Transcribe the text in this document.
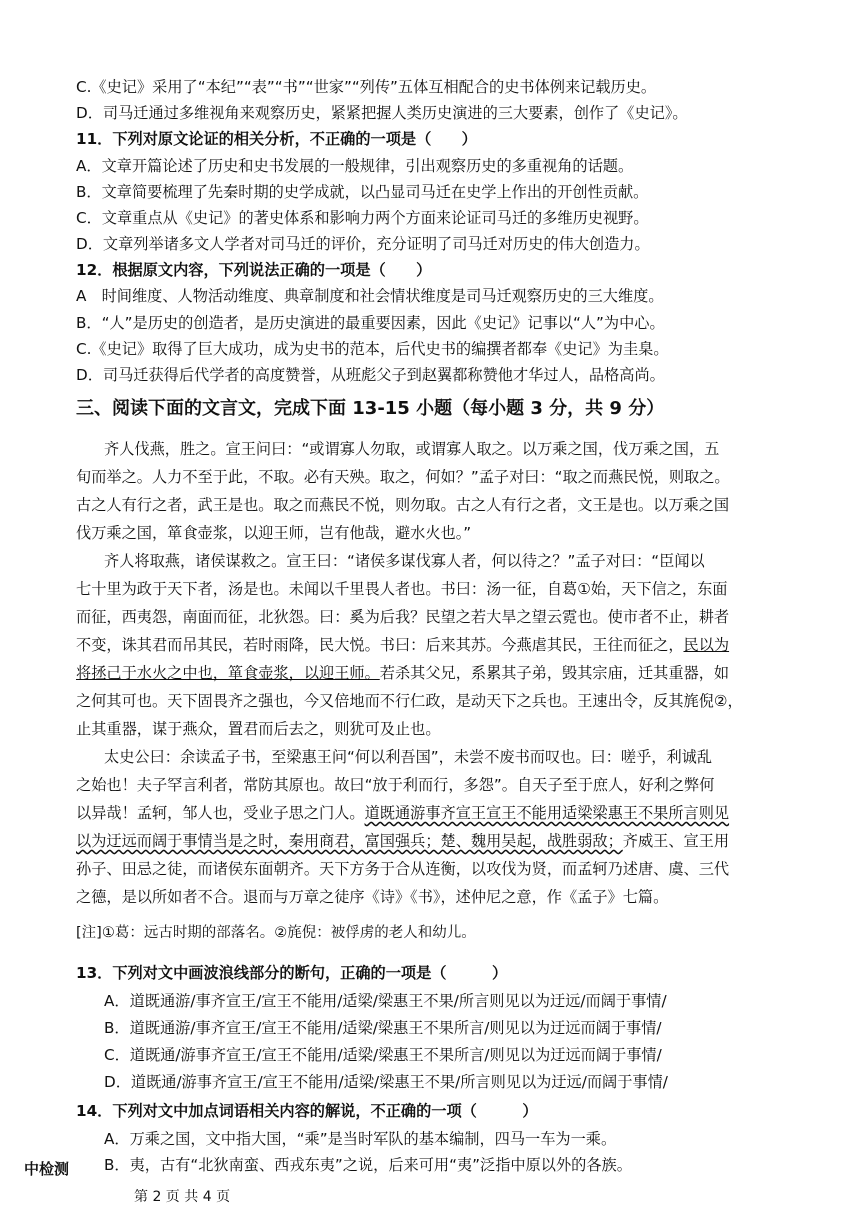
C.《史记》采用了“本纪”“表”“书”“世家”“列传”五体互相配合的史书体例来记载历史。
D．司马迁通过多维视角来观察历史，紧紧把握人类历史演进的三大要素，创作了《史记》。
11．下列对原文论证的相关分析，不正确的一项是（　　）
A．文章开篇论述了历史和史书发展的一般规律，引出观察历史的多重视角的话题。
B．文章简要梳理了先秦时期的史学成就，以凸显司马迁在史学上作出的开创性贡献。
C．文章重点从《史记》的著史体系和影响力两个方面来论证司马迁的多维历史视野。
D．文章列举诸多文人学者对司马迁的评价，充分证明了司马迁对历史的伟大创造力。
12．根据原文内容，下列说法正确的一项是（　　）
A　时间维度、人物活动维度、典章制度和社会情状维度是司马迁观察历史的三大维度。
B．“人”是历史的创造者，是历史演进的最重要因素，因此《史记》记事以“人”为中心。
C.《史记》取得了巨大成功，成为史书的范本，后代史书的编撰者都奉《史记》为圭臬。
D．司马迁获得后代学者的高度赞誉，从班彪父子到赵翼都称赞他才华过人，品格高尚。
三、阅读下面的文言文，完成下面 13-15 小题（每小题 3 分，共 9 分）
齐人伐燕，胜之。宣王问曰：“或谓寡人勿取，或谓寡人取之。以万乘之国，伐万乘之国，五
旬而举之。人力不至于此，不取。必有天殃。取之，何如？”孟子对曰：“取之而燕民悦，则取之。
古之人有行之者，武王是也。取之而燕民不悦，则勿取。古之人有行之者，文王是也。以万乘之国
伐万乘之国，箪食壶浆，以迎王师，岂有他哉，避水火也。”
齐人将取燕，诸侯谋救之。宣王曰：“诸侯多谋伐寡人者，何以待之？”孟子对曰：“臣闻以
七十里为政于天下者，汤是也。未闻以千里畏人者也。书曰：汤一征，自葛①始，天下信之，东面
而征，西夷怨，南面而征，北狄怨。曰：奚为后我？民望之若大旱之望云霓也。使市者不止，耕者
不变，诛其君而吊其民，若时雨降，民大悦。书曰：后来其苏。今燕虐其民，王往而征之，民以为
将拯己于水火之中也，箪食壶浆，以迎王师。若杀其父兄，系累其子弟，毁其宗庙，迁其重器，如
之何其可也。天下固畏齐之强也，今又倍地而不行仁政，是动天下之兵也。王速出令，反其旄倪②，
止其重器，谋于燕众，置君而后去之，则犹可及止也。
太史公曰：余读孟子书，至梁惠王问“何以利吾国”，未尝不废书而叹也。曰：嗟乎，利诚乱
之始也！夫子罕言利者，常防其原也。故曰“放于利而行，多怨”。自天子至于庶人，好利之弊何
以异哉！孟轲，邹人也，受业子思之门人。道既通游事齐宣王宣王不能用适梁梁惠王不果所言则见
以为迂远而阔于事情当是之时，秦用商君，富国强兵；楚、魏用吴起，战胜弱敌；齐威王、宣王用
孙子、田忌之徒，而诸侯东面朝齐。天下方务于合从连衡，以攻伐为贤，而孟轲乃述唐、虞、三代
之德，是以所如者不合。退而与万章之徒序《诗》《书》，述仲尼之意，作《孟子》七篇。
[注]①葛：远古时期的部落名。②旄倪：被俘虏的老人和幼儿。
13．下列对文中画波浪线部分的断句，正确的一项是（　　　）
A．道既通游/事齐宣王/宣王不能用/适梁/梁惠王不果/所言则见以为迂远/而阔于事情/
B．道既通游/事齐宣王/宣王不能用/适梁/梁惠王不果所言/则见以为迂远而阔于事情/
C．道既通/游事齐宣王/宣王不能用/适梁/梁惠王不果所言/则见以为迂远而阔于事情/
D．道既通/游事齐宣王/宣王不能用/适梁/梁惠王不果/所言则见以为迂远/而阔于事情/
14．下列对文中加点词语相关内容的解说，不正确的一项（　　　）
A．万乘之国，文中指大国，“乘”是当时军队的基本编制，四马一车为一乘。
B．夷，古有“北狄南蛮、西戎东夷”之说，后来可用“夷”泛指中原以外的各族。
中检测
第 2 页 共 4 页
